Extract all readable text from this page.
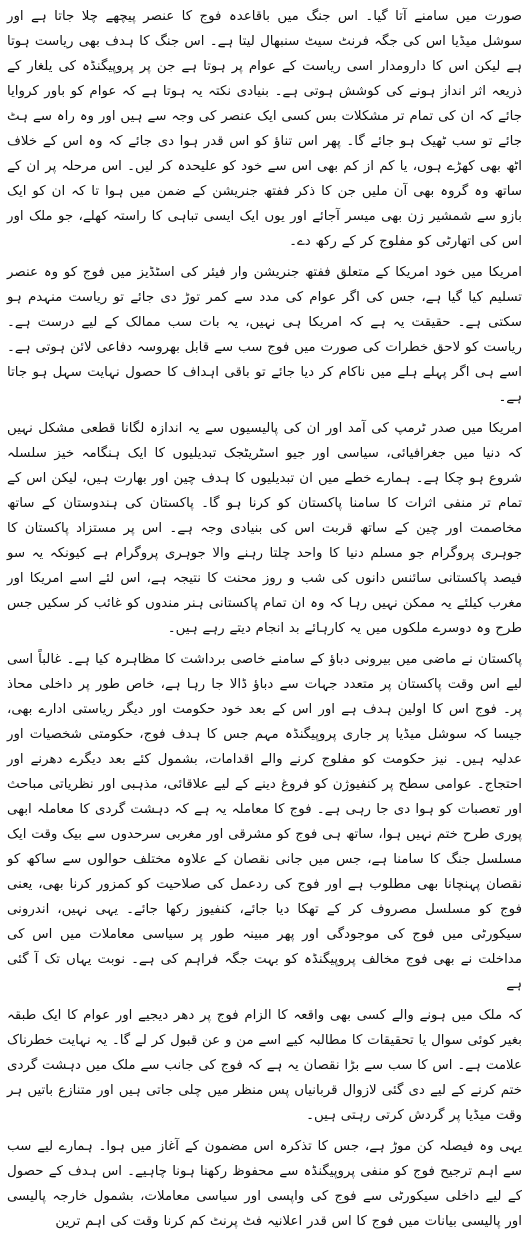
صورت میں سامنے آتا گیا۔ اس جنگ میں باقاعدہ فوج کا عنصر پیچھے چلا جاتا ہے اور سوشل میڈیا اس کی جگہ فرنٹ سیٹ سنبھال لیتا ہے۔ اس جنگ کا ہدف بھی ریاست ہوتا ہے لیکن اس کا دارومدار اسی ریاست کے عوام پر ہوتا ہے جن پر پروپیگنڈہ کی یلغار کے ذریعہ اثر انداز ہونے کی کوشش ہوتی ہے۔ بنیادی نکتہ یہ ہوتا ہے کہ عوام کو باور کروایا جائے کہ ان کی تمام تر مشکلات بس کسی ایک عنصر کی وجہ سے ہیں اور وہ راہ سے ہٹ جائے تو سب ٹھیک ہو جائے گا۔ پھر اس تناؤ کو اس قدر ہوا دی جائے کہ وہ اس کے خلاف اٹھ بھی کھڑے ہوں، یا کم از کم بھی اس سے خود کو علیحدہ کر لیں۔ اس مرحلہ پر ان کے ساتھ وہ گروہ بھی آن ملیں جن کا ذکر ففتھ جنریشن کے ضمن میں ہوا تا کہ ان کو ایک بازو سے شمشیر زن بھی میسر آجائے اور یوں ایک ایسی تباہی کا راستہ کھلے، جو ملک اور اس کی اتھارٹی کو مفلوج کر کے رکھ دے۔

امریکا میں خود امریکا کے متعلق ففتھ جنریشن وار فیئر کی اسٹڈیز میں فوج کو وہ عنصر تسلیم کیا گیا ہے، جس کی اگر عوام کی مدد سے کمر توڑ دی جائے تو ریاست منہدم ہو سکتی ہے۔ حقیقت یہ ہے کہ امریکا ہی نہیں، یہ بات سب ممالک کے لیے درست ہے۔ ریاست کو لاحق خطرات کی صورت میں فوج سب سے قابل بھروسہ دفاعی لائن ہوتی ہے۔ اسے ہی اگر پہلے ہلے میں ناکام کر دیا جائے تو باقی اہداف کا حصول نہایت سہل ہو جاتا ہے۔

امریکا میں صدر ٹرمپ کی آمد اور ان کی پالیسیوں سے یہ اندازہ لگانا قطعی مشکل نہیں کہ دنیا میں جغرافیائی، سیاسی اور جیو اسٹریٹجک تبدیلیوں کا ایک ہنگامہ خیز سلسلہ شروع ہو چکا ہے۔ ہمارے خطے میں ان تبدیلیوں کا ہدف چین اور بھارت ہیں، لیکن اس کے تمام تر منفی اثرات کا سامنا پاکستان کو کرنا ہو گا۔ پاکستان کی ہندوستان کے ساتھ مخاصمت اور چین کے ساتھ قربت اس کی بنیادی وجہ ہے۔ اس پر مستزاد پاکستان کا جوہری پروگرام جو مسلم دنیا کا واحد چلتا رہنے والا جوہری پروگرام ہے کیونکہ یہ سو فیصد پاکستانی سائنس دانوں کی شب و روز محنت کا نتیجہ ہے، اس لئے اسے امریکا اور مغرب کیلئے یہ ممکن نہیں رہا کہ وہ ان تمام پاکستانی ہنر مندوں کو غائب کر سکیں جس طرح وہ دوسرے ملکوں میں یہ کارہائے بد انجام دیتے رہے ہیں۔

پاکستان نے ماضی میں بیرونی دباؤ کے سامنے خاصی برداشت کا مظاہرہ کیا ہے۔ غالباً اسی لیے اس وقت پاکستان پر متعدد جہات سے دباؤ ڈالا جا رہا ہے، خاص طور پر داخلی محاذ پر۔ فوج اس کا اولین ہدف ہے اور اس کے بعد خود حکومت اور دیگر ریاستی ادارے بھی، جیسا کہ سوشل میڈیا پر جاری پروپیگنڈہ مہم جس کا ہدف فوج، حکومتی شخصیات اور عدلیہ ہیں۔ نیز حکومت کو مفلوج کرنے والے اقدامات، بشمول کئے بعد دیگرے دھرنے اور احتجاج۔ عوامی سطح پر کنفیوژن کو فروغ دینے کے لیے علاقائی، مذہبی اور نظریاتی مباحث اور تعصبات کو ہوا دی جا رہی ہے۔ فوج کا معاملہ یہ ہے کہ دہشت گردی کا معاملہ ابھی پوری طرح ختم نہیں ہوا، ساتھ ہی فوج کو مشرقی اور مغربی سرحدوں سے بیک وقت ایک مسلسل جنگ کا سامنا ہے، جس میں جانی نقصان کے علاوہ مختلف حوالوں سے ساکھ کو نقصان پہنچانا بھی مطلوب ہے اور فوج کی ردعمل کی صلاحیت کو کمزور کرنا بھی، یعنی فوج کو مسلسل مصروف کر کے تھکا دیا جائے، کنفیوز رکھا جائے۔ یہی نہیں، اندرونی سیکورٹی میں فوج کی موجودگی اور پھر مبینہ طور پر سیاسی معاملات میں اس کی مداخلت نے بھی فوج مخالف پروپیگنڈہ کو بہت جگہ فراہم کی ہے۔ نوبت یہاں تک آ گئی ہے

کہ ملک میں ہونے والے کسی بھی واقعہ کا الزام فوج پر دھر دیجیے اور عوام کا ایک طبقہ بغیر کوئی سوال یا تحقیقات کا مطالبہ کیے اسے من و عن قبول کر لے گا۔ یہ نہایت خطرناک علامت ہے۔ اس کا سب سے بڑا نقصان یہ ہے کہ فوج کی جانب سے ملک میں دہشت گردی ختم کرنے کے لیے دی گئی لازوال قربانیاں پس منظر میں چلی جاتی ہیں اور متنازع باتیں ہر وقت میڈیا پر گردش کرتی رہتی ہیں۔

یہی وہ فیصلہ کن موڑ ہے، جس کا تذکرہ اس مضمون کے آغاز میں ہوا۔ ہمارے لیے سب سے اہم ترجیح فوج کو منفی پروپیگنڈہ سے محفوظ رکھنا ہونا چاہیے۔ اس ہدف کے حصول کے لیے داخلی سیکورٹی سے فوج کی واپسی اور سیاسی معاملات، بشمول خارجہ پالیسی اور پالیسی بیانات میں فوج کا اس قدر اعلانیہ فٹ پرنٹ کم کرنا وقت کی اہم ترین
